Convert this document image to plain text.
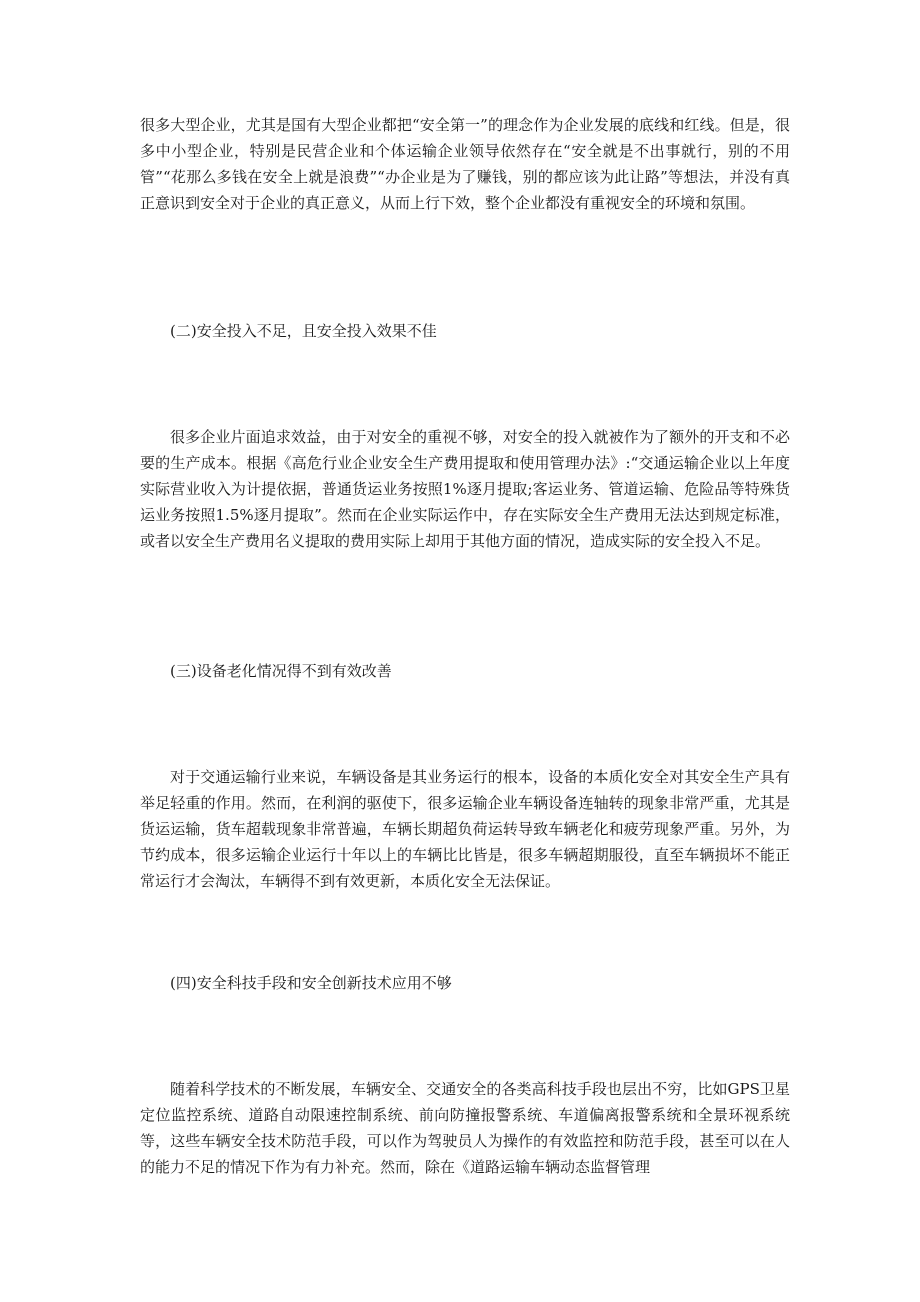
很多大型企业，尤其是国有大型企业都把“安全第一”的理念作为企业发展的底线和红线。但是，很多中小型企业，特别是民营企业和个体运输企业领导依然存在“安全就是不出事就行，别的不用管”“花那么多钱在安全上就是浪费”“办企业是为了赚钱，别的都应该为此让路”等想法，并没有真正意识到安全对于企业的真正意义，从而上行下效，整个企业都没有重视安全的环境和氛围。

(二)安全投入不足，且安全投入效果不佳

很多企业片面追求效益，由于对安全的重视不够，对安全的投入就被作为了额外的开支和不必要的生产成本。根据《高危行业企业安全生产费用提取和使用管理办法》:“交通运输企业以上年度实际营业收入为计提依据，普通货运业务按照1%逐月提取;客运业务、管道运输、危险品等特殊货运业务按照1.5%逐月提取”。然而在企业实际运作中，存在实际安全生产费用无法达到规定标准，或者以安全生产费用名义提取的费用实际上却用于其他方面的情况，造成实际的安全投入不足。

(三)设备老化情况得不到有效改善

对于交通运输行业来说，车辆设备是其业务运行的根本，设备的本质化安全对其安全生产具有举足轻重的作用。然而，在利润的驱使下，很多运输企业车辆设备连轴转的现象非常严重，尤其是货运运输，货车超载现象非常普遍，车辆长期超负荷运转导致车辆老化和疲劳现象严重。另外，为节约成本，很多运输企业运行十年以上的车辆比比皆是，很多车辆超期服役，直至车辆损坏不能正常运行才会淘汰，车辆得不到有效更新，本质化安全无法保证。

(四)安全科技手段和安全创新技术应用不够

随着科学技术的不断发展，车辆安全、交通安全的各类高科技手段也层出不穷，比如GPS卫星定位监控系统、道路自动限速控制系统、前向防撞报警系统、车道偏离报警系统和全景环视系统等，这些车辆安全技术防范手段，可以作为驾驶员人为操作的有效监控和防范手段，甚至可以在人的能力不足的情况下作为有力补充。然而，除在《道路运输车辆动态监督管理
